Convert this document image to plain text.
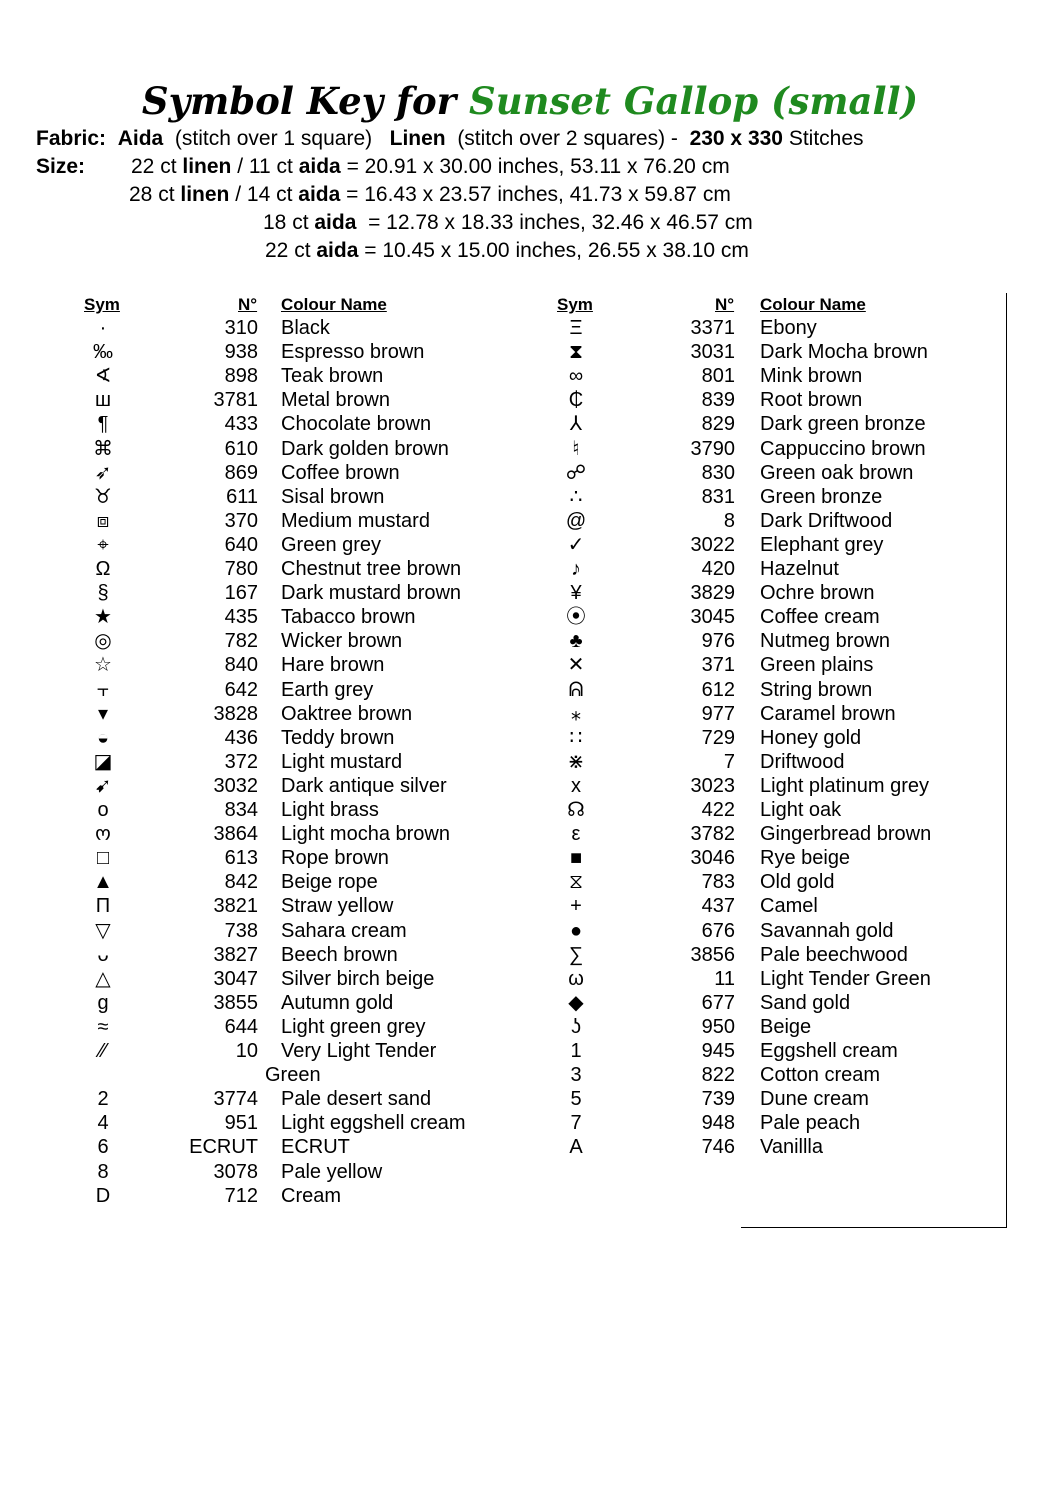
Symbol Key for Sunset Gallop (small)
Fabric: Aida (stitch over 1 square) Linen (stitch over 2 squares) - 230 x 330 Stitches
Size: 22 ct linen / 11 ct aida = 20.91 x 30.00 inches, 53.11 x 76.20 cm
28 ct linen / 14 ct aida = 16.43 x 23.57 inches, 41.73 x 59.87 cm
18 ct aida  = 12.78 x 18.33 inches, 32.46 x 46.57 cm
22 ct aida = 10.45 x 15.00 inches, 26.55 x 38.10 cm
Sym	N° Colour Name	Sym	N° Colour Name
·	310 Black
‰	938 Espresso brown
∢	898 Teak brown
ш	3781 Metal brown
¶	433 Chocolate brown
⌘	610 Dark golden brown
➶	869 Coffee brown
♉	611 Sisal brown
⧈	370 Medium mustard
⌖	640 Green grey
Ω	780 Chestnut tree brown
§	167 Dark mustard brown
★	435 Tabacco brown
◎	782 Wicker brown
☆	840 Hare brown
⫟	642 Earth grey
▾	3828 Oaktree brown
◒	436 Teddy brown
◪	372 Light mustard
➹	3032 Dark antique silver
o	834 Light brass
ო	3864 Light mocha brown
□	613 Rope brown
▲	842 Beige rope
Π	3821 Straw yellow
▽	738 Sahara cream
ᴗ	3827 Beech brown
△	3047 Silver birch beige
g	3855 Autumn gold
≈	644 Light green grey
⁄⁄	10 Very Light Tender
Green
2	3774 Pale desert sand
4	951 Light eggshell cream
6	ECRUT ECRUT
8	3078 Pale yellow
D	712 Cream
Ξ	3371 Ebony
⧗	3031 Dark Mocha brown
∞	801 Mink brown
₵	839 Root brown
⅄	829 Dark green bronze
♮	3790 Cappuccino brown
☍	830 Green oak brown
∴	831 Green bronze
@	8 Dark Driftwood
✓	3022 Elephant grey
♪	420 Hazelnut
¥	3829 Ochre brown
⦿	3045 Coffee cream
♣	976 Nutmeg brown
✕	371 Green plains
ᕱ	612 String brown
⁎	977 Caramel brown
∷	729 Honey gold
⋇	7 Driftwood
x	3023 Light platinum grey
☊	422 Light oak
ε	3782 Gingerbread brown
■	3046 Rye beige
⧖	783 Old gold
+	437 Camel
●	676 Savannah gold
∑	3856 Pale beechwood
ω	11 Light Tender Green
◆	677 Sand gold
ʖ	950 Beige
1	945 Eggshell cream
3	822 Cotton cream
5	739 Dune cream
7	948 Pale peach
A	746 Vanillla
